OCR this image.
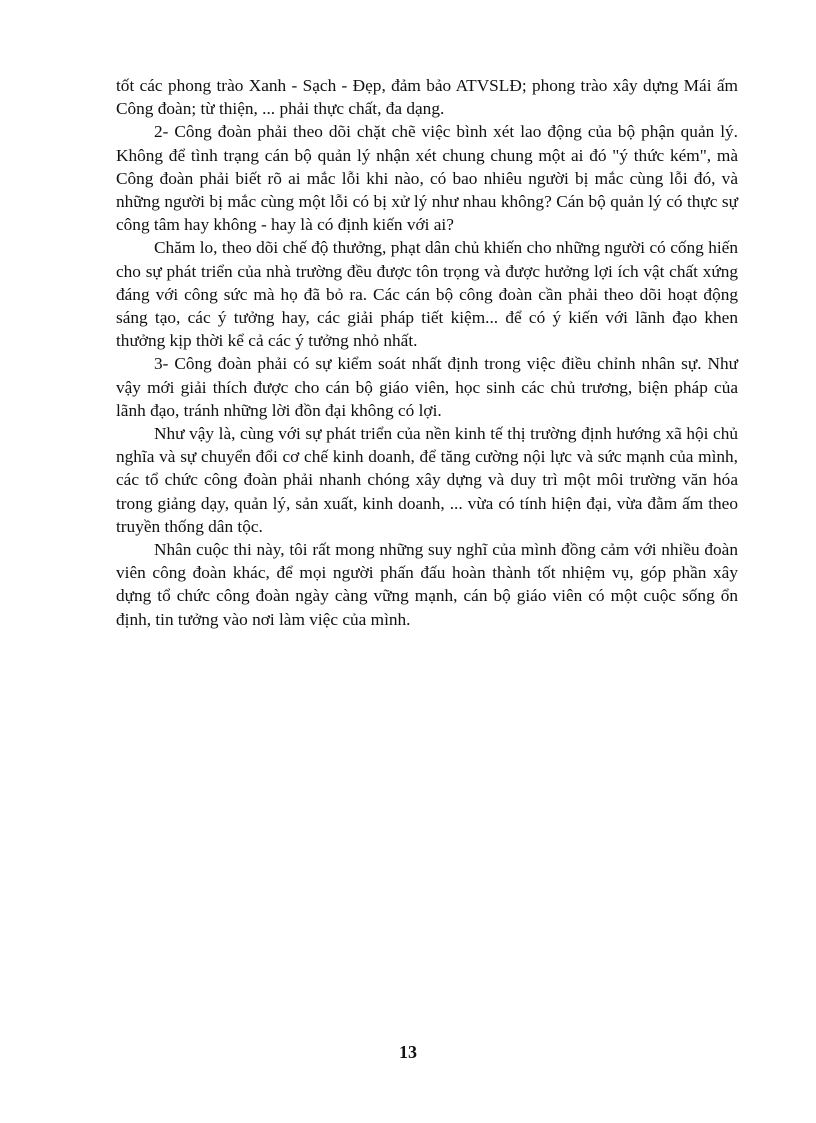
tốt các phong trào Xanh - Sạch - Đẹp, đảm bảo ATVSLĐ; phong trào xây dựng Mái ấm Công đoàn; từ thiện, ... phải thực chất, đa dạng.

2- Công đoàn phải theo dõi chặt chẽ việc bình xét lao động của bộ phận quản lý. Không để tình trạng cán bộ quản lý nhận xét chung chung một ai đó "ý thức kém", mà Công đoàn phải biết rõ ai mắc lỗi khi nào, có bao nhiêu người bị mắc cùng lỗi đó, và những người bị mắc cùng một lỗi có bị xử lý như nhau không? Cán bộ quản lý có thực sự công tâm hay không - hay là có định kiến với ai?

Chăm lo, theo dõi chế độ thưởng, phạt dân chủ khiến cho những người có cống hiến cho sự phát triển của nhà trường đều được tôn trọng và được hưởng lợi ích vật chất xứng đáng với công sức mà họ đã bỏ ra. Các cán bộ công đoàn cần phải theo dõi hoạt động sáng tạo, các ý tưởng hay, các giải pháp tiết kiệm... để có ý kiến với lãnh đạo khen thưởng kịp thời kể cả các ý tưởng nhỏ nhất.

3- Công đoàn phải có sự kiểm soát nhất định trong việc điều chỉnh nhân sự. Như vậy mới giải thích được cho cán bộ giáo viên, học sinh các chủ trương, biện pháp của lãnh đạo, tránh những lời đồn đại không có lợi.

Như vậy là, cùng với sự phát triển của nền kinh tế thị trường định hướng xã hội chủ nghĩa và sự chuyển đổi cơ chế kinh doanh, để tăng cường nội lực và sức mạnh của mình, các tổ chức công đoàn phải nhanh chóng xây dựng và duy trì một môi trường văn hóa trong giảng dạy, quản lý, sản xuất, kinh doanh, ... vừa có tính hiện đại, vừa đằm ấm theo truyền thống dân tộc.

Nhân cuộc thi này, tôi rất mong những suy nghĩ của mình đồng cảm với nhiều đoàn viên công đoàn khác, để mọi người phấn đấu hoàn thành tốt nhiệm vụ, góp phần xây dựng tổ chức công đoàn ngày càng vững mạnh, cán bộ giáo viên có một cuộc sống ổn định, tin tưởng vào nơi làm việc của mình.

13
